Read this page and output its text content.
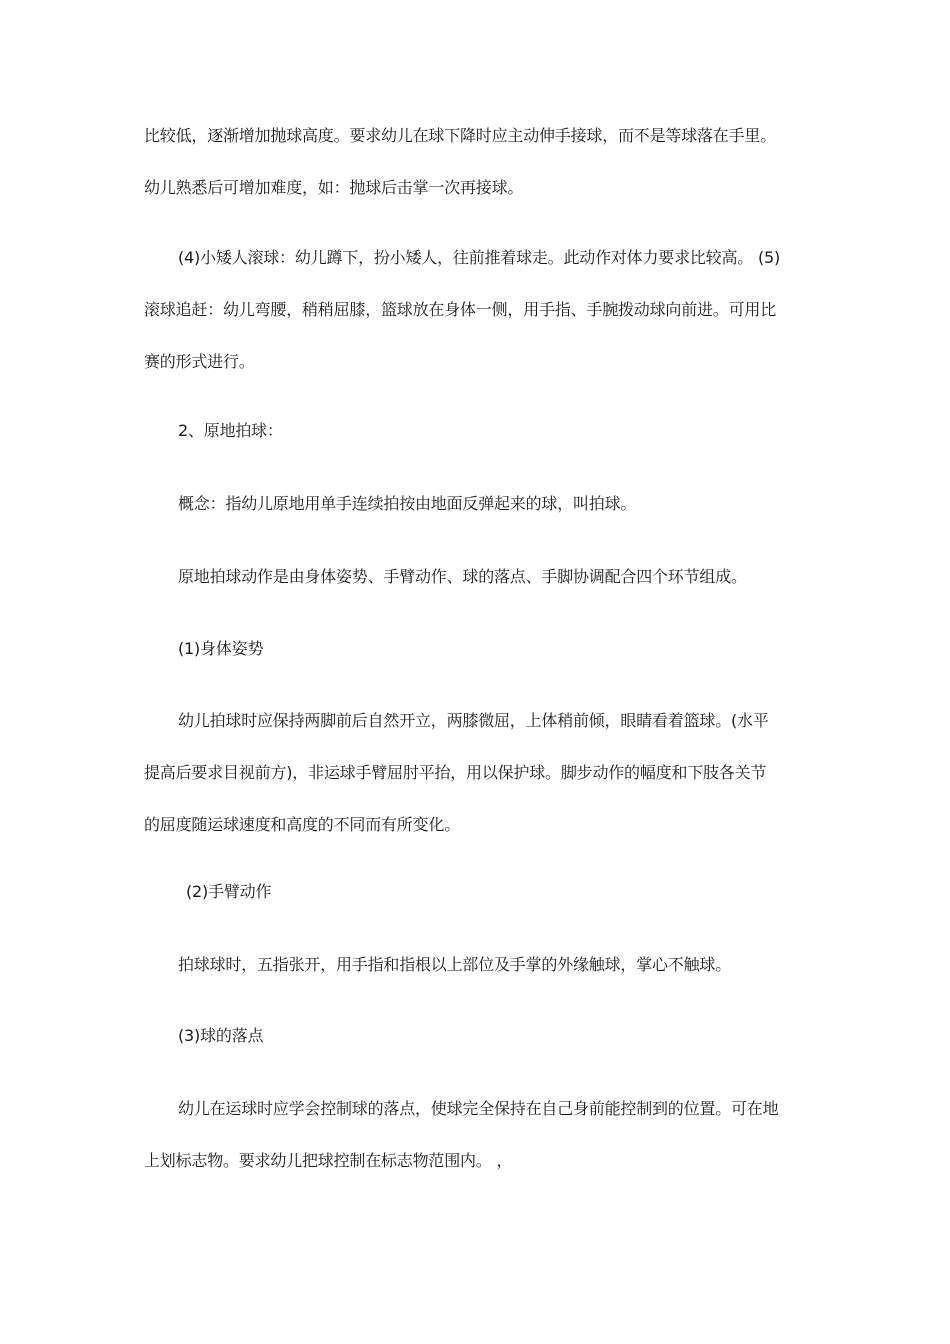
比较低，逐渐增加抛球高度。要求幼儿在球下降时应主动伸手接球，而不是等球落在手里。
幼儿熟悉后可增加难度，如：抛球后击掌一次再接球。

(4)小矮人滚球：幼儿蹲下，扮小矮人，往前推着球走。此动作对体力要求比较高。 (5)
滚球追赶：幼儿弯腰，稍稍屈膝，篮球放在身体一侧，用手指、手腕拨动球向前进。可用比
赛的形式进行。

2、原地拍球：

概念：指幼儿原地用单手连续拍按由地面反弹起来的球，叫拍球。

原地拍球动作是由身体姿势、手臂动作、球的落点、手脚协调配合四个环节组成。

(1)身体姿势

幼儿拍球时应保持两脚前后自然开立，两膝微屈，上体稍前倾，眼睛看着篮球。(水平
提高后要求目视前方)，非运球手臂屈肘平抬，用以保护球。脚步动作的幅度和下肢各关节
的屈度随运球速度和高度的不同而有所变化。

(2)手臂动作

拍球球时，五指张开，用手指和指根以上部位及手掌的外缘触球，掌心不触球。

(3)球的落点

幼儿在运球时应学会控制球的落点，使球完全保持在自己身前能控制到的位置。可在地
上划标志物。要求幼儿把球控制在标志物范围内。 ，
